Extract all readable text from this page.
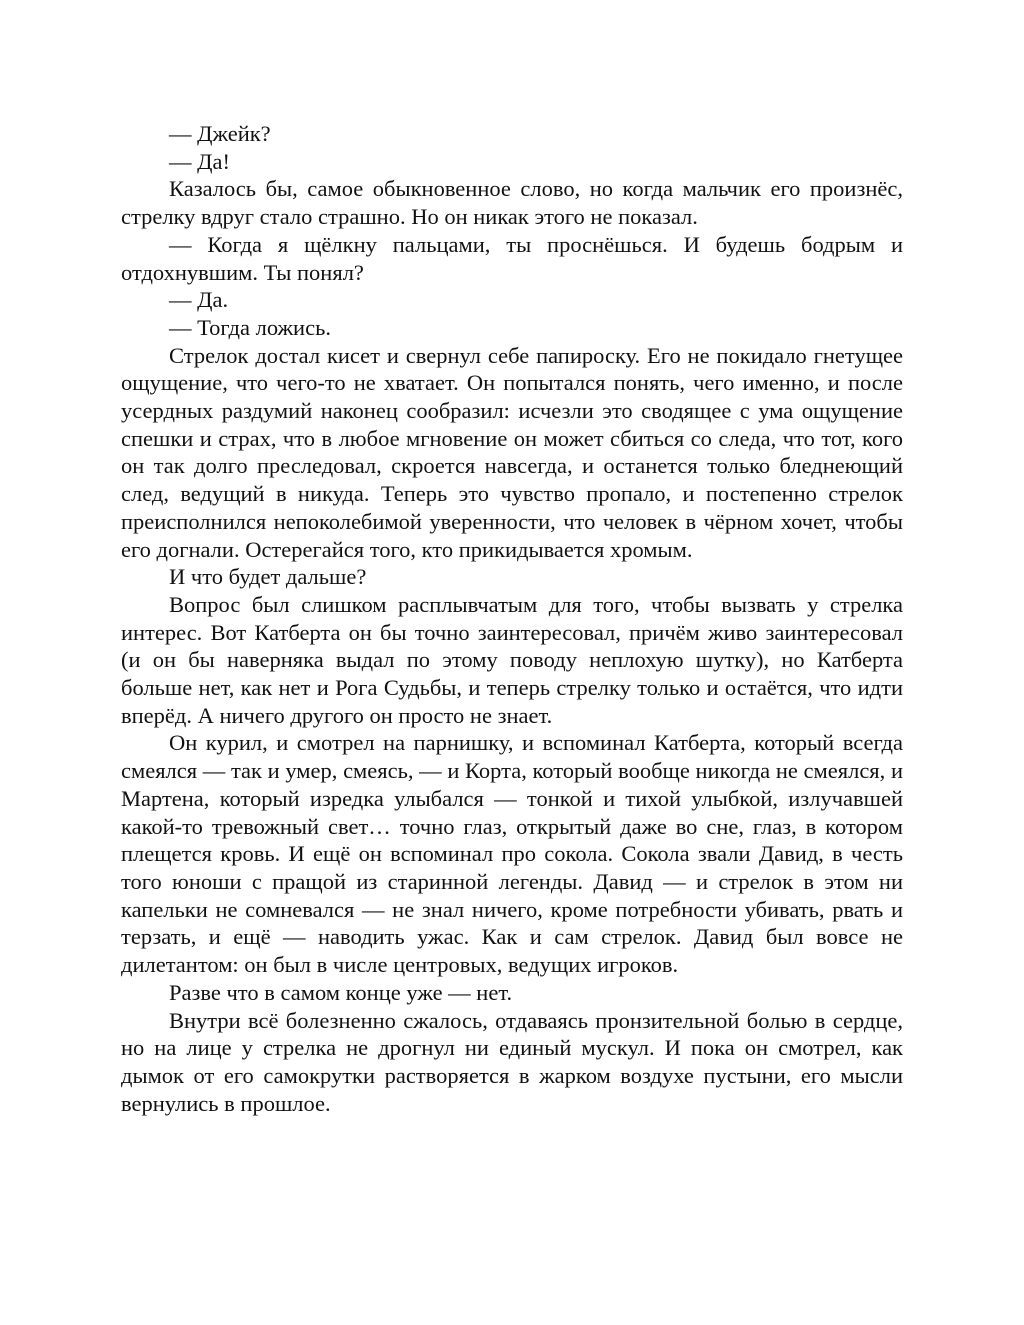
— Джейк?

— Да!

Казалось бы, самое обыкновенное слово, но когда мальчик его произнёс, стрелку вдруг стало страшно. Но он никак этого не показал.

— Когда я щёлкну пальцами, ты проснёшься. И будешь бодрым и отдохнувшим. Ты понял?

— Да.

— Тогда ложись.

Стрелок достал кисет и свернул себе папироску. Его не покидало гнетущее ощущение, что чего-то не хватает. Он попытался понять, чего именно, и после усердных раздумий наконец сообразил: исчезли это сводящее с ума ощущение спешки и страх, что в любое мгновение он может сбиться со следа, что тот, кого он так долго преследовал, скроется навсегда, и останется только бледнеющий след, ведущий в никуда. Теперь это чувство пропало, и постепенно стрелок преисполнился непоколебимой уверенности, что человек в чёрном хочет, чтобы его догнали. Остерегайся того, кто прикидывается хромым.

И что будет дальше?

Вопрос был слишком расплывчатым для того, чтобы вызвать у стрелка интерес. Вот Катберта он бы точно заинтересовал, причём живо заинтересовал (и он бы наверняка выдал по этому поводу неплохую шутку), но Катберта больше нет, как нет и Рога Судьбы, и теперь стрелку только и остаётся, что идти вперёд. А ничего другого он просто не знает.

Он курил, и смотрел на парнишку, и вспоминал Катберта, который всегда смеялся — так и умер, смеясь, — и Корта, который вообще никогда не смеялся, и Мартена, который изредка улыбался — тонкой и тихой улыбкой, излучавшей какой-то тревожный свет… точно глаз, открытый даже во сне, глаз, в котором плещется кровь. И ещё он вспоминал про сокола. Сокола звали Давид, в честь того юноши с пращой из старинной легенды. Давид — и стрелок в этом ни капельки не сомневался — не знал ничего, кроме потребности убивать, рвать и терзать, и ещё — наводить ужас. Как и сам стрелок. Давид был вовсе не дилетантом: он был в числе центровых, ведущих игроков.

Разве что в самом конце уже — нет.

Внутри всё болезненно сжалось, отдаваясь пронзительной болью в сердце, но на лице у стрелка не дрогнул ни единый мускул. И пока он смотрел, как дымок от его самокрутки растворяется в жарком воздухе пустыни, его мысли вернулись в прошлое.
